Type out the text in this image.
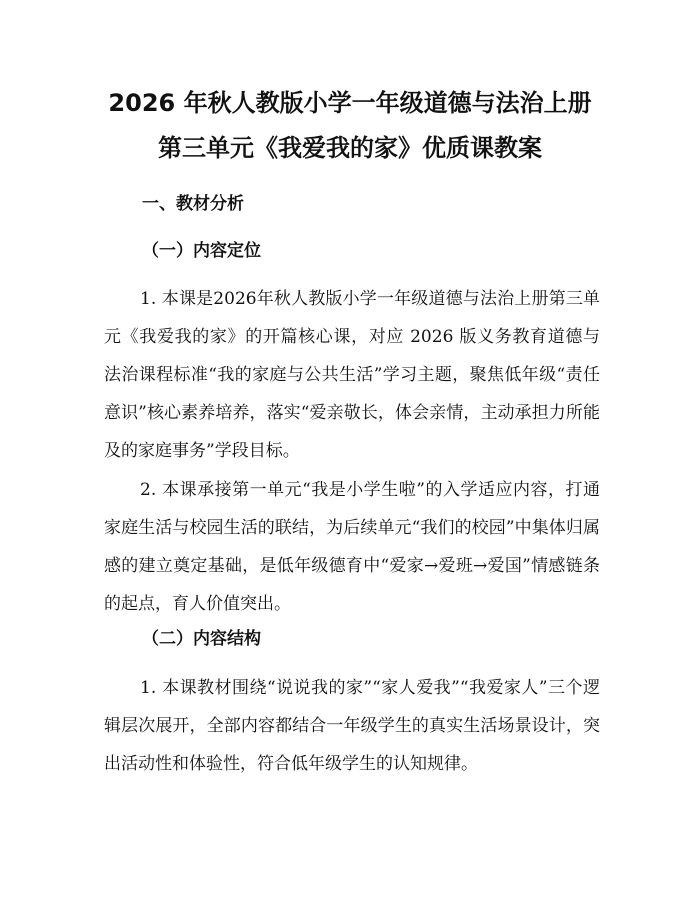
2026 年秋人教版小学一年级道德与法治上册
第三单元《我爱我的家》优质课教案
一、教材分析
（一）内容定位

1. 本课是2026年秋人教版小学一年级道德与法治上册第三单元《我爱我的家》的开篇核心课，对应 2026 版义务教育道德与法治课程标准“我的家庭与公共生活”学习主题，聚焦低年级“责任意识”核心素养培养，落实“爱亲敬长，体会亲情，主动承担力所能及的家庭事务”学段目标。

2. 本课承接第一单元“我是小学生啦”的入学适应内容，打通家庭生活与校园生活的联结，为后续单元“我们的校园”中集体归属感的建立奠定基础，是低年级德育中“爱家→爱班→爱国”情感链条的起点，育人价值突出。

（二）内容结构

1. 本课教材围绕“说说我的家”“家人爱我”“我爱家人”三个逻辑层次展开，全部内容都结合一年级学生的真实生活场景设计，突出活动性和体验性，符合低年级学生的认知规律。
